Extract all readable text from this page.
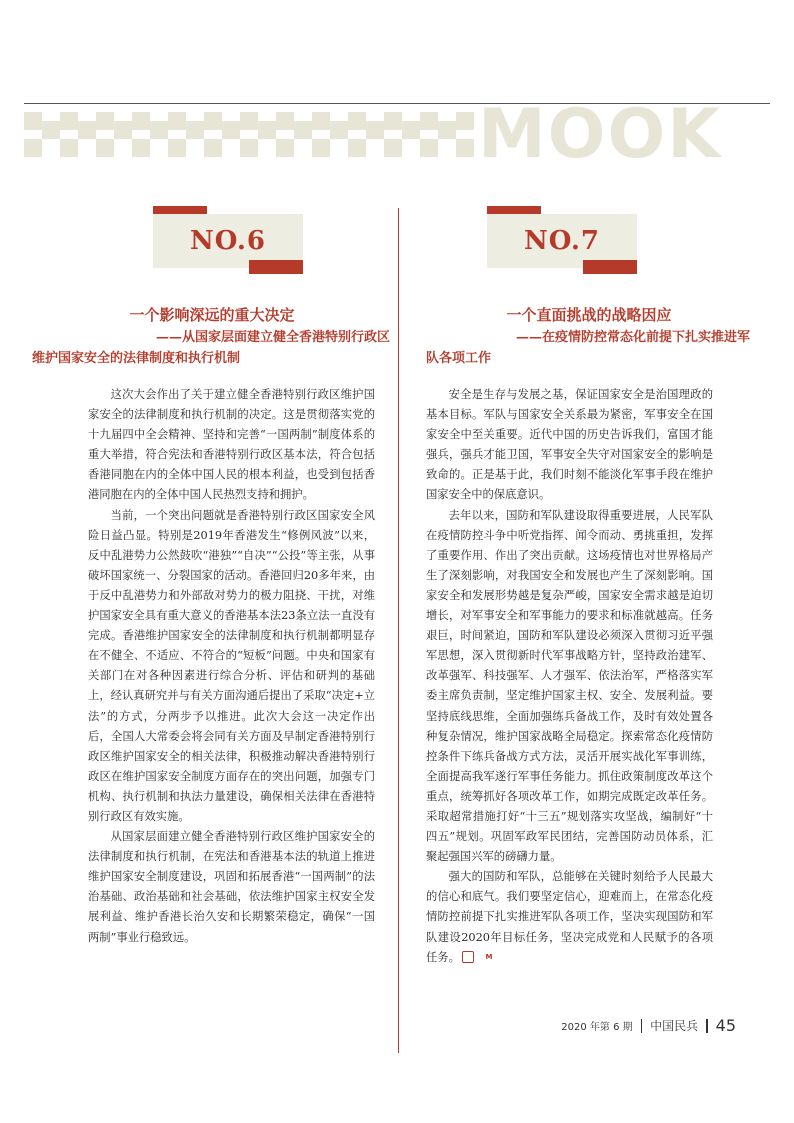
MOOK
NO.6
一个影响深远的重大决定
——从国家层面建立健全香港特别行政区
维护国家安全的法律制度和执行机制

这次大会作出了关于建立健全香港特别行政区维护国家安全的法律制度和执行机制的决定。这是贯彻落实党的十九届四中全会精神、坚持和完善“一国两制”制度体系的重大举措，符合宪法和香港特别行政区基本法，符合包括香港同胞在内的全体中国人民的根本利益，也受到包括香港同胞在内的全体中国人民热烈支持和拥护。

当前，一个突出问题就是香港特别行政区国家安全风险日益凸显。特别是2019年香港发生“修例风波”以来，反中乱港势力公然鼓吹“港独”“自决”“公投”等主张，从事破坏国家统一、分裂国家的活动。香港回归20多年来，由于反中乱港势力和外部敌对势力的极力阻挠、干扰，对维护国家安全具有重大意义的香港基本法23条立法一直没有完成。香港维护国家安全的法律制度和执行机制都明显存在不健全、不适应、不符合的“短板”问题。中央和国家有关部门在对各种因素进行综合分析、评估和研判的基础上，经认真研究并与有关方面沟通后提出了采取“决定+立法”的方式，分两步予以推进。此次大会这一决定作出后，全国人大常委会将会同有关方面及早制定香港特别行政区维护国家安全的相关法律，积极推动解决香港特别行政区在维护国家安全制度方面存在的突出问题，加强专门机构、执行机制和执法力量建设，确保相关法律在香港特别行政区有效实施。

从国家层面建立健全香港特别行政区维护国家安全的法律制度和执行机制，在宪法和香港基本法的轨道上推进维护国家安全制度建设，巩固和拓展香港“一国两制”的法治基础、政治基础和社会基础，依法维护国家主权安全发展利益、维护香港长治久安和长期繁荣稳定，确保“一国两制”事业行稳致远。

NO.7
一个直面挑战的战略因应
——在疫情防控常态化前提下扎实推进军
队各项工作

安全是生存与发展之基，保证国家安全是治国理政的基本目标。军队与国家安全关系最为紧密，军事安全在国家安全中至关重要。近代中国的历史告诉我们，富国才能强兵，强兵才能卫国，军事安全失守对国家安全的影响是致命的。正是基于此，我们时刻不能淡化军事手段在维护国家安全中的保底意识。

去年以来，国防和军队建设取得重要进展，人民军队在疫情防控斗争中听党指挥、闻令而动、勇挑重担，发挥了重要作用、作出了突出贡献。这场疫情也对世界格局产生了深刻影响，对我国安全和发展也产生了深刻影响。国家安全和发展形势越是复杂严峻，国家安全需求越是迫切增长，对军事安全和军事能力的要求和标准就越高。任务艰巨，时间紧迫，国防和军队建设必须深入贯彻习近平强军思想，深入贯彻新时代军事战略方针，坚持政治建军、改革强军、科技强军、人才强军、依法治军，严格落实军委主席负责制，坚定维护国家主权、安全、发展利益。要坚持底线思维，全面加强练兵备战工作，及时有效处置各种复杂情况，维护国家战略全局稳定。探索常态化疫情防控条件下练兵备战方式方法，灵活开展实战化军事训练，全面提高我军遂行军事任务能力。抓住政策制度改革这个重点，统筹抓好各项改革工作，如期完成既定改革任务。采取超常措施打好“十三五”规划落实攻坚战，编制好“十四五”规划。巩固军政军民团结，完善国防动员体系，汇聚起强国兴军的磅礴力量。

强大的国防和军队，总能够在关键时刻给予人民最大的信心和底气。我们要坚定信心，迎难而上，在常态化疫情防控前提下扎实推进军队各项工作，坚决实现国防和军队建设2020年目标任务，坚决完成党和人民赋予的各项任务。	M

2020 年第 6 期 中国民兵 45
